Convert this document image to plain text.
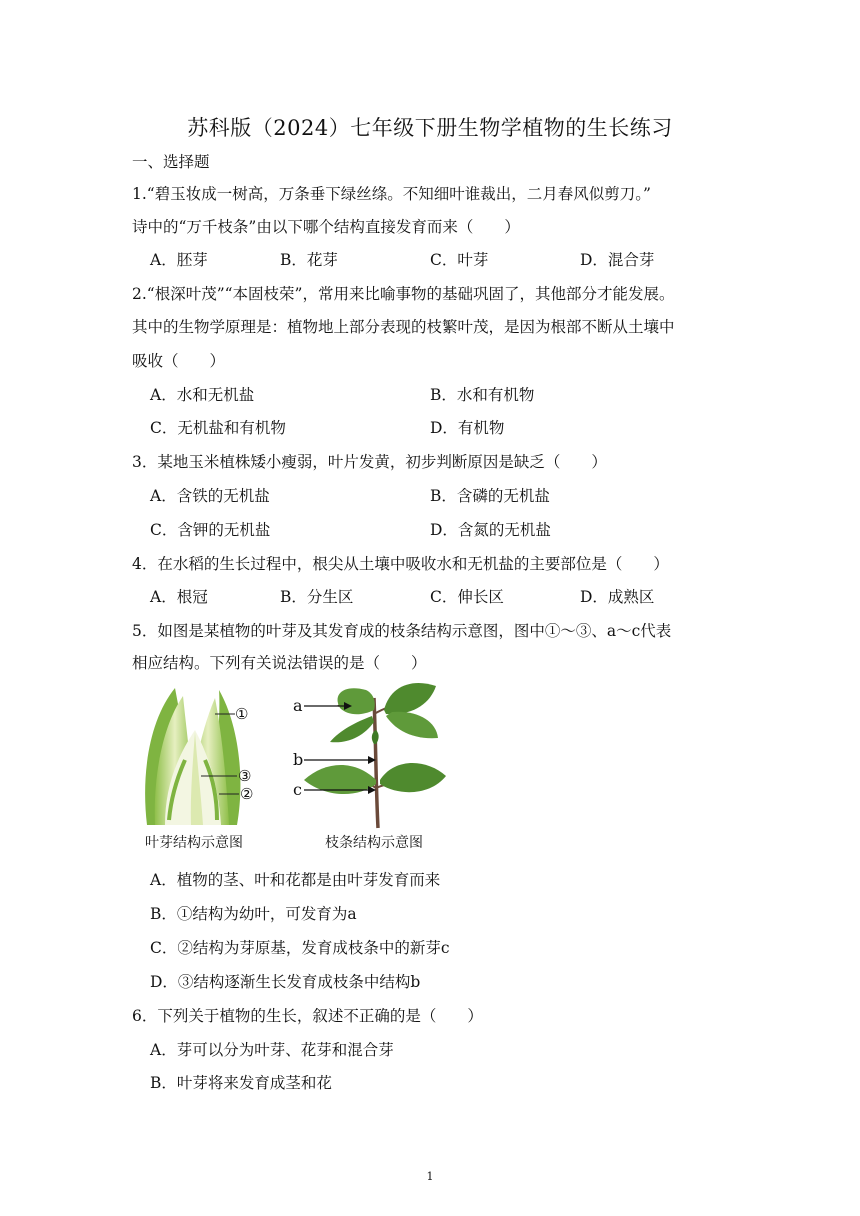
苏科版（2024）七年级下册生物学植物的生长练习
一、选择题
1.“碧玉妆成一树高，万条垂下绿丝绦。不知细叶谁裁出，二月春风似剪刀。”
诗中的“万千枝条”由以下哪个结构直接发育而来（　　）
A．胚芽	B．花芽	C．叶芽	D．混合芽
2.“根深叶茂”“本固枝荣”，常用来比喻事物的基础巩固了，其他部分才能发展。
其中的生物学原理是：植物地上部分表现的枝繁叶茂，是因为根部不断从土壤中
吸收（　　）
A．水和无机盐	B．水和有机物
C．无机盐和有机物	D．有机物
3．某地玉米植株矮小瘦弱，叶片发黄，初步判断原因是缺乏（　　）
A．含铁的无机盐	B．含磷的无机盐
C．含钾的无机盐	D．含氮的无机盐
4．在水稻的生长过程中，根尖从土壤中吸收水和无机盐的主要部位是（　　）
A．根冠	B．分生区	C．伸长区	D．成熟区
5．如图是某植物的叶芽及其发育成的枝条结构示意图，图中①～③、a～c代表
相应结构。下列有关说法错误的是（　　）
①
③
②
叶芽结构示意图
a
b
c
枝条结构示意图
A．植物的茎、叶和花都是由叶芽发育而来
B．①结构为幼叶，可发育为a
C．②结构为芽原基，发育成枝条中的新芽c
D．③结构逐渐生长发育成枝条中结构b
6．下列关于植物的生长，叙述不正确的是（　　）
A．芽可以分为叶芽、花芽和混合芽
B．叶芽将来发育成茎和花
1
